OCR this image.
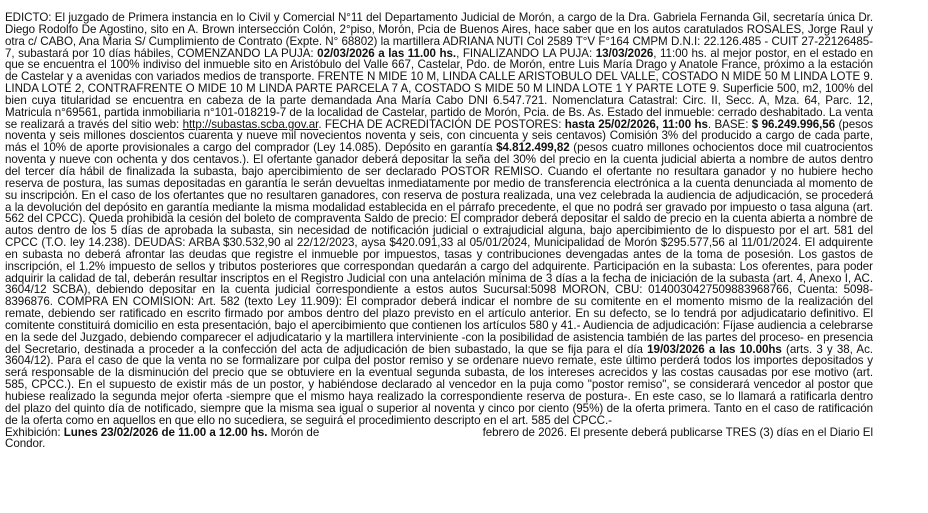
EDICTO: El juzgado de Primera instancia en lo Civil y Comercial N°11 del Departamento Judicial de Morón, a cargo de la Dra. Gabriela Fernanda Gil, secretaría única Dr. Diego Rodolfo De Agostino, sito en A. Brown intersección Colón, 2°piso, Morón, Pcia de Buenos Aires, hace saber que en los autos caratulados ROSALES, Jorge Raul y otra c/ CABO, Ana Maria S/ Cumplimiento de Contrato (Expte. N° 68802) la martillera ADRIANA NUTI Col 2589 T°V F°164 CMPM D.N.I: 22.126.485 - CUIT 27-22126485-7, subastará por 10 días hábiles, COMENZANDO LA PUJA: 02/03/2026 a las 11.00 hs., FINALIZANDO LA PUJA: 13/03/2026, 11:00 hs. al mejor postor, en el estado en que se encuentra el 100% indiviso del inmueble sito en Aristóbulo del Valle 667, Castelar, Pdo. de Morón, entre Luis María Drago y Anatole France, próximo a la estación de Castelar y a avenidas con variados medios de transporte. FRENTE N MIDE 10 M, LINDA CALLE ARISTOBULO DEL VALLE, COSTADO N MIDE 50 M LINDA LOTE 9. LINDA LOTE 2, CONTRAFRENTE O MIDE 10 M LINDA PARTE PARCELA 7 A, COSTADO S MIDE 50 M LINDA LOTE 1 Y PARTE LOTE 9. Superficie 500, m2, 100% del bien cuya titularidad se encuentra en cabeza de la parte demandada Ana María Cabo DNI 6.547.721. Nomenclatura Catastral: Circ. II, Secc. A, Mza. 64, Parc. 12, Matricula n°69561, partida inmobiliaria n°101-018219-7 de la localidad de Castelar, partido de Morón, Pcia. de Bs. As. Estado del inmueble: cerrado deshabitado. La venta se realizará a través del sitio web: http://subastas.scba.gov.ar. FECHA DE ACREDITACIÓN DE POSTORES: hasta 25/02/2026, 11:00 hs. BASE: $ 96.249.996,56 (pesos noventa y seis millones doscientos cuarenta y nueve mil novecientos noventa y seis, con cincuenta y seis centavos) Comisión 3% del producido a cargo de cada parte, más el 10% de aporte provisionales a cargo del comprador (Ley 14.085). Depósito en garantía $4.812.499,82 (pesos cuatro millones ochocientos doce mil cuatrocientos noventa y nueve con ochenta y dos centavos.). El ofertante ganador deberá depositar la seña del 30% del precio en la cuenta judicial abierta a nombre de autos dentro del tercer día hábil de finalizada la subasta, bajo apercibimiento de ser declarado POSTOR REMISO. Cuando el ofertante no resultara ganador y no hubiere hecho reserva de postura, las sumas depositadas en garantía le serán devueltas inmediatamente por medio de transferencia electrónica a la cuenta denunciada al momento de su inscripción. En el caso de los ofertantes que no resultaren ganadores, con reserva de postura realizada, una vez celebrada la audiencia de adjudicación, se procederá a la devolución del depósito en garantía mediante la misma modalidad establecida en el párrafo precedente, el que no podrá ser gravado por impuesto o tasa alguna (art. 562 del CPCC). Queda prohibida la cesión del boleto de compraventa Saldo de precio: El comprador deberá depositar el saldo de precio en la cuenta abierta a nombre de autos dentro de los 5 días de aprobada la subasta, sin necesidad de notificación judicial o extrajudicial alguna, bajo apercibimiento de lo dispuesto por el art. 581 del CPCC (T.O. ley 14.238). DEUDAS: ARBA $30.532,90 al 22/12/2023, aysa $420.091,33 al 05/01/2024, Municipalidad de Morón $295.577,56 al 11/01/2024. El adquirente en subasta no deberá afrontar las deudas que registre el inmueble por impuestos, tasas y contribuciones devengadas antes de la toma de posesión. Los gastos de inscripción, el 1.2% impuesto de sellos y tributos posteriores que correspondan quedarán a cargo del adquirente. Participación en la subasta: Los oferentes, para poder adquirir la calidad de tal, deberán resultar inscriptos en el Registro Judicial con una antelación mínima de 3 días a la fecha de iniciación de la subasta (art. 4, Anexo I, AC. 3604/12 SCBA), debiendo depositar en la cuenta judicial correspondiente a estos autos Sucursal:5098 MORON, CBU: 0140030427509883968766, Cuenta: 5098-8396876. COMPRA EN COMISION: Art. 582 (texto Ley 11.909): El comprador deberá indicar el nombre de su comitente en el momento mismo de la realización del remate, debiendo ser ratificado en escrito firmado por ambos dentro del plazo previsto en el artículo anterior. En su defecto, se lo tendrá por adjudicatario definitivo. El comitente constituirá domicilio en esta presentación, bajo el apercibimiento que contienen los artículos 580 y 41.- Audiencia de adjudicación: Fíjase audiencia a celebrarse en la sede del Juzgado, debiendo comparecer el adjudicatario y la martillera interviniente -con la posibilidad de asistencia también de las partes del proceso- en presencia del Secretario, destinada a proceder a la confección del acta de adjudicación de bien subastado, la que se fija para el día 19/03/2026 a las 10.00hs (arts. 3 y 38, Ac. 3604/12). Para el caso de que la venta no se formalizare por culpa del postor remiso y se ordenare nuevo remate, este último perderá todos los importes depositados y será responsable de la disminución del precio que se obtuviere en la eventual segunda subasta, de los intereses acrecidos y las costas causadas por ese motivo (art. 585, CPCC.). En el supuesto de existir más de un postor, y habiéndose declarado al vencedor en la puja como "postor remiso", se considerará vencedor al postor que hubiese realizado la segunda mejor oferta -siempre que el mismo haya realizado la correspondiente reserva de postura-. En este caso, se lo llamará a ratificarla dentro del plazo del quinto día de notificado, siempre que la misma sea igual o superior al noventa y cinco por ciento (95%) de la oferta primera. Tanto en el caso de ratificación de la oferta como en aquellos en que ello no sucediera, se seguirá el procedimiento descripto en el art. 585 del CPCC.-
Exhibición: Lunes 23/02/2026 de 11.00 a 12.00 hs. Morón de	febrero de 2026. El presente deberá publicarse TRES (3) días en el Diario El
Condor.
